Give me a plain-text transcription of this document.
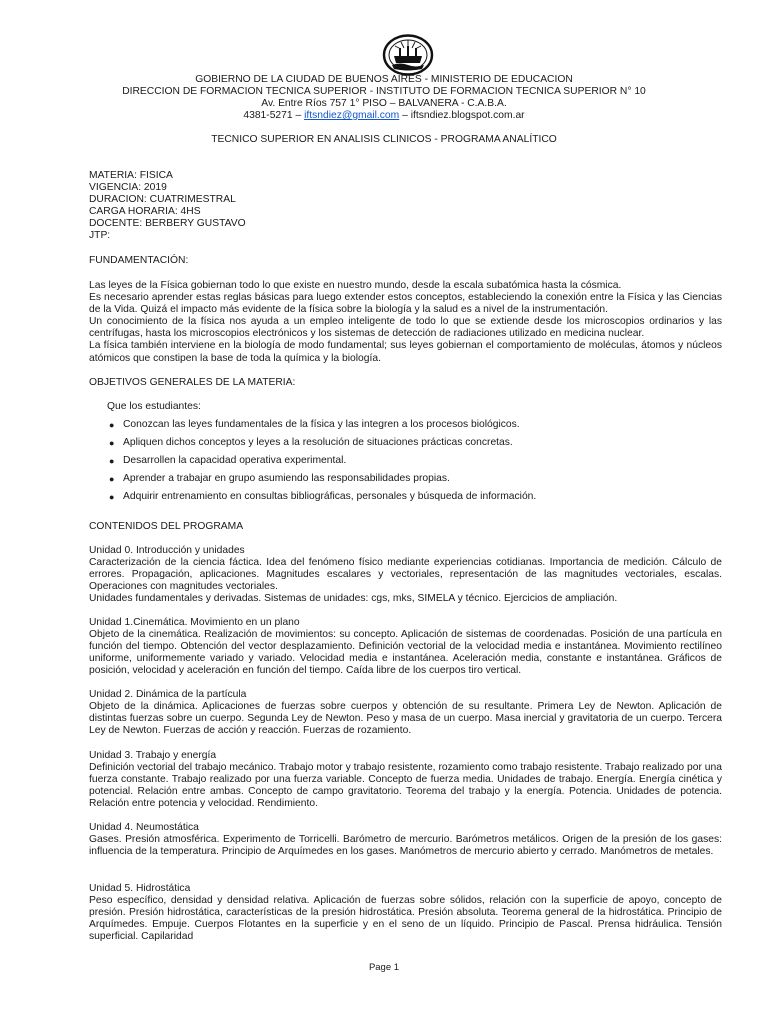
GOBIERNO DE LA CIUDAD DE BUENOS AIRES - MINISTERIO DE EDUCACION
DIRECCION DE FORMACION TECNICA SUPERIOR - INSTITUTO DE FORMACION TECNICA SUPERIOR N° 10
Av. Entre Ríos 757 1° PISO – BALVANERA - C.A.B.A.
4381-5271 – iftsndiez@gmail.com – iftsndiez.blogspot.com.ar
TECNICO SUPERIOR EN ANALISIS CLINICOS - PROGRAMA ANALÍTICO
MATERIA: FISICA
VIGENCIA: 2019
DURACION: CUATRIMESTRAL
CARGA HORARIA: 4HS
DOCENTE: BERBERY GUSTAVO
JTP:
FUNDAMENTACIÓN:

Las leyes de la Física gobiernan todo lo que existe en nuestro mundo, desde la escala subatómica hasta la cósmica.

Es necesario aprender estas reglas básicas para luego extender estos conceptos, estableciendo la conexión entre la Física y las Ciencias de la Vida. Quizá el impacto más evidente de la física sobre la biología y la salud es a nivel de la instrumentación.

Un conocimiento de la física nos ayuda a un empleo inteligente de todo lo que se extiende desde los microscopios ordinarios y las centrífugas, hasta los microscopios electrónicos y los sistemas de detección de radiaciones utilizado en medicina nuclear.

La física también interviene en la biología de modo fundamental; sus leyes gobiernan el comportamiento de moléculas, átomos y núcleos atómicos que constipen la base de toda la química y la biología.

OBJETIVOS GENERALES DE LA MATERIA:
Que los estudiantes:
● Conozcan las leyes fundamentales de la física y las integren a los procesos biológicos.
● Apliquen dichos conceptos y leyes a la resolución de situaciones prácticas concretas.
● Desarrollen la capacidad operativa experimental.
● Aprender a trabajar en grupo asumiendo las responsabilidades propias.
● Adquirir entrenamiento en consultas bibliográficas, personales y búsqueda de información.
CONTENIDOS DEL PROGRAMA
Unidad 0. Introducción y unidades

Caracterización de la ciencia fáctica. Idea del fenómeno físico mediante experiencias cotidianas. Importancia de medición. Cálculo de errores. Propagación, aplicaciones. Magnitudes escalares y vectoriales, representación de las magnitudes vectoriales, escalas. Operaciones con magnitudes vectoriales.

Unidades fundamentales y derivadas. Sistemas de unidades: cgs, mks, SIMELA y técnico. Ejercicios de ampliación.

Unidad 1.Cinemática. Movimiento en un plano

Objeto de la cinemática. Realización de movimientos: su concepto. Aplicación de sistemas de coordenadas. Posición de una partícula en función del tiempo. Obtención del vector desplazamiento. Definición vectorial de la velocidad media e instantánea. Movimiento rectilíneo uniforme, uniformemente variado y variado. Velocidad media e instantánea. Aceleración media, constante e instantánea. Gráficos de posición, velocidad y aceleración en función del tiempo. Caída libre de los cuerpos tiro vertical.

Unidad 2. Dinámica de la partícula

Objeto de la dinámica. Aplicaciones de fuerzas sobre cuerpos y obtención de su resultante. Primera Ley de Newton. Aplicación de distintas fuerzas sobre un cuerpo. Segunda Ley de Newton. Peso y masa de un cuerpo. Masa inercial y gravitatoria de un cuerpo. Tercera Ley de Newton. Fuerzas de acción y reacción. Fuerzas de rozamiento.

Unidad 3. Trabajo y energía

Definición vectorial del trabajo mecánico. Trabajo motor y trabajo resistente, rozamiento como trabajo resistente. Trabajo realizado por una fuerza constante. Trabajo realizado por una fuerza variable. Concepto de fuerza media. Unidades de trabajo. Energía. Energía cinética y potencial. Relación entre ambas. Concepto de campo gravitatorio. Teorema del trabajo y la energía. Potencia. Unidades de potencia. Relación entre potencia y velocidad. Rendimiento.

Unidad 4. Neumostática

Gases. Presión atmosférica. Experimento de Torricelli. Barómetro de mercurio. Barómetros metálicos. Origen de la presión de los gases: influencia de la temperatura. Principio de Arquímedes en los gases. Manómetros de mercurio abierto y cerrado. Manómetros de metales.

Unidad 5. Hidrostática

Peso específico, densidad y densidad relativa. Aplicación de fuerzas sobre sólidos, relación con la superficie de apoyo, concepto de presión. Presión hidrostática, características de la presión hidrostática. Presión absoluta. Teorema general de la hidrostática. Principio de Arquímedes. Empuje. Cuerpos Flotantes en la superficie y en el seno de un líquido. Principio de Pascal. Prensa hidráulica. Tensión superficial. Capilaridad

Page 1
